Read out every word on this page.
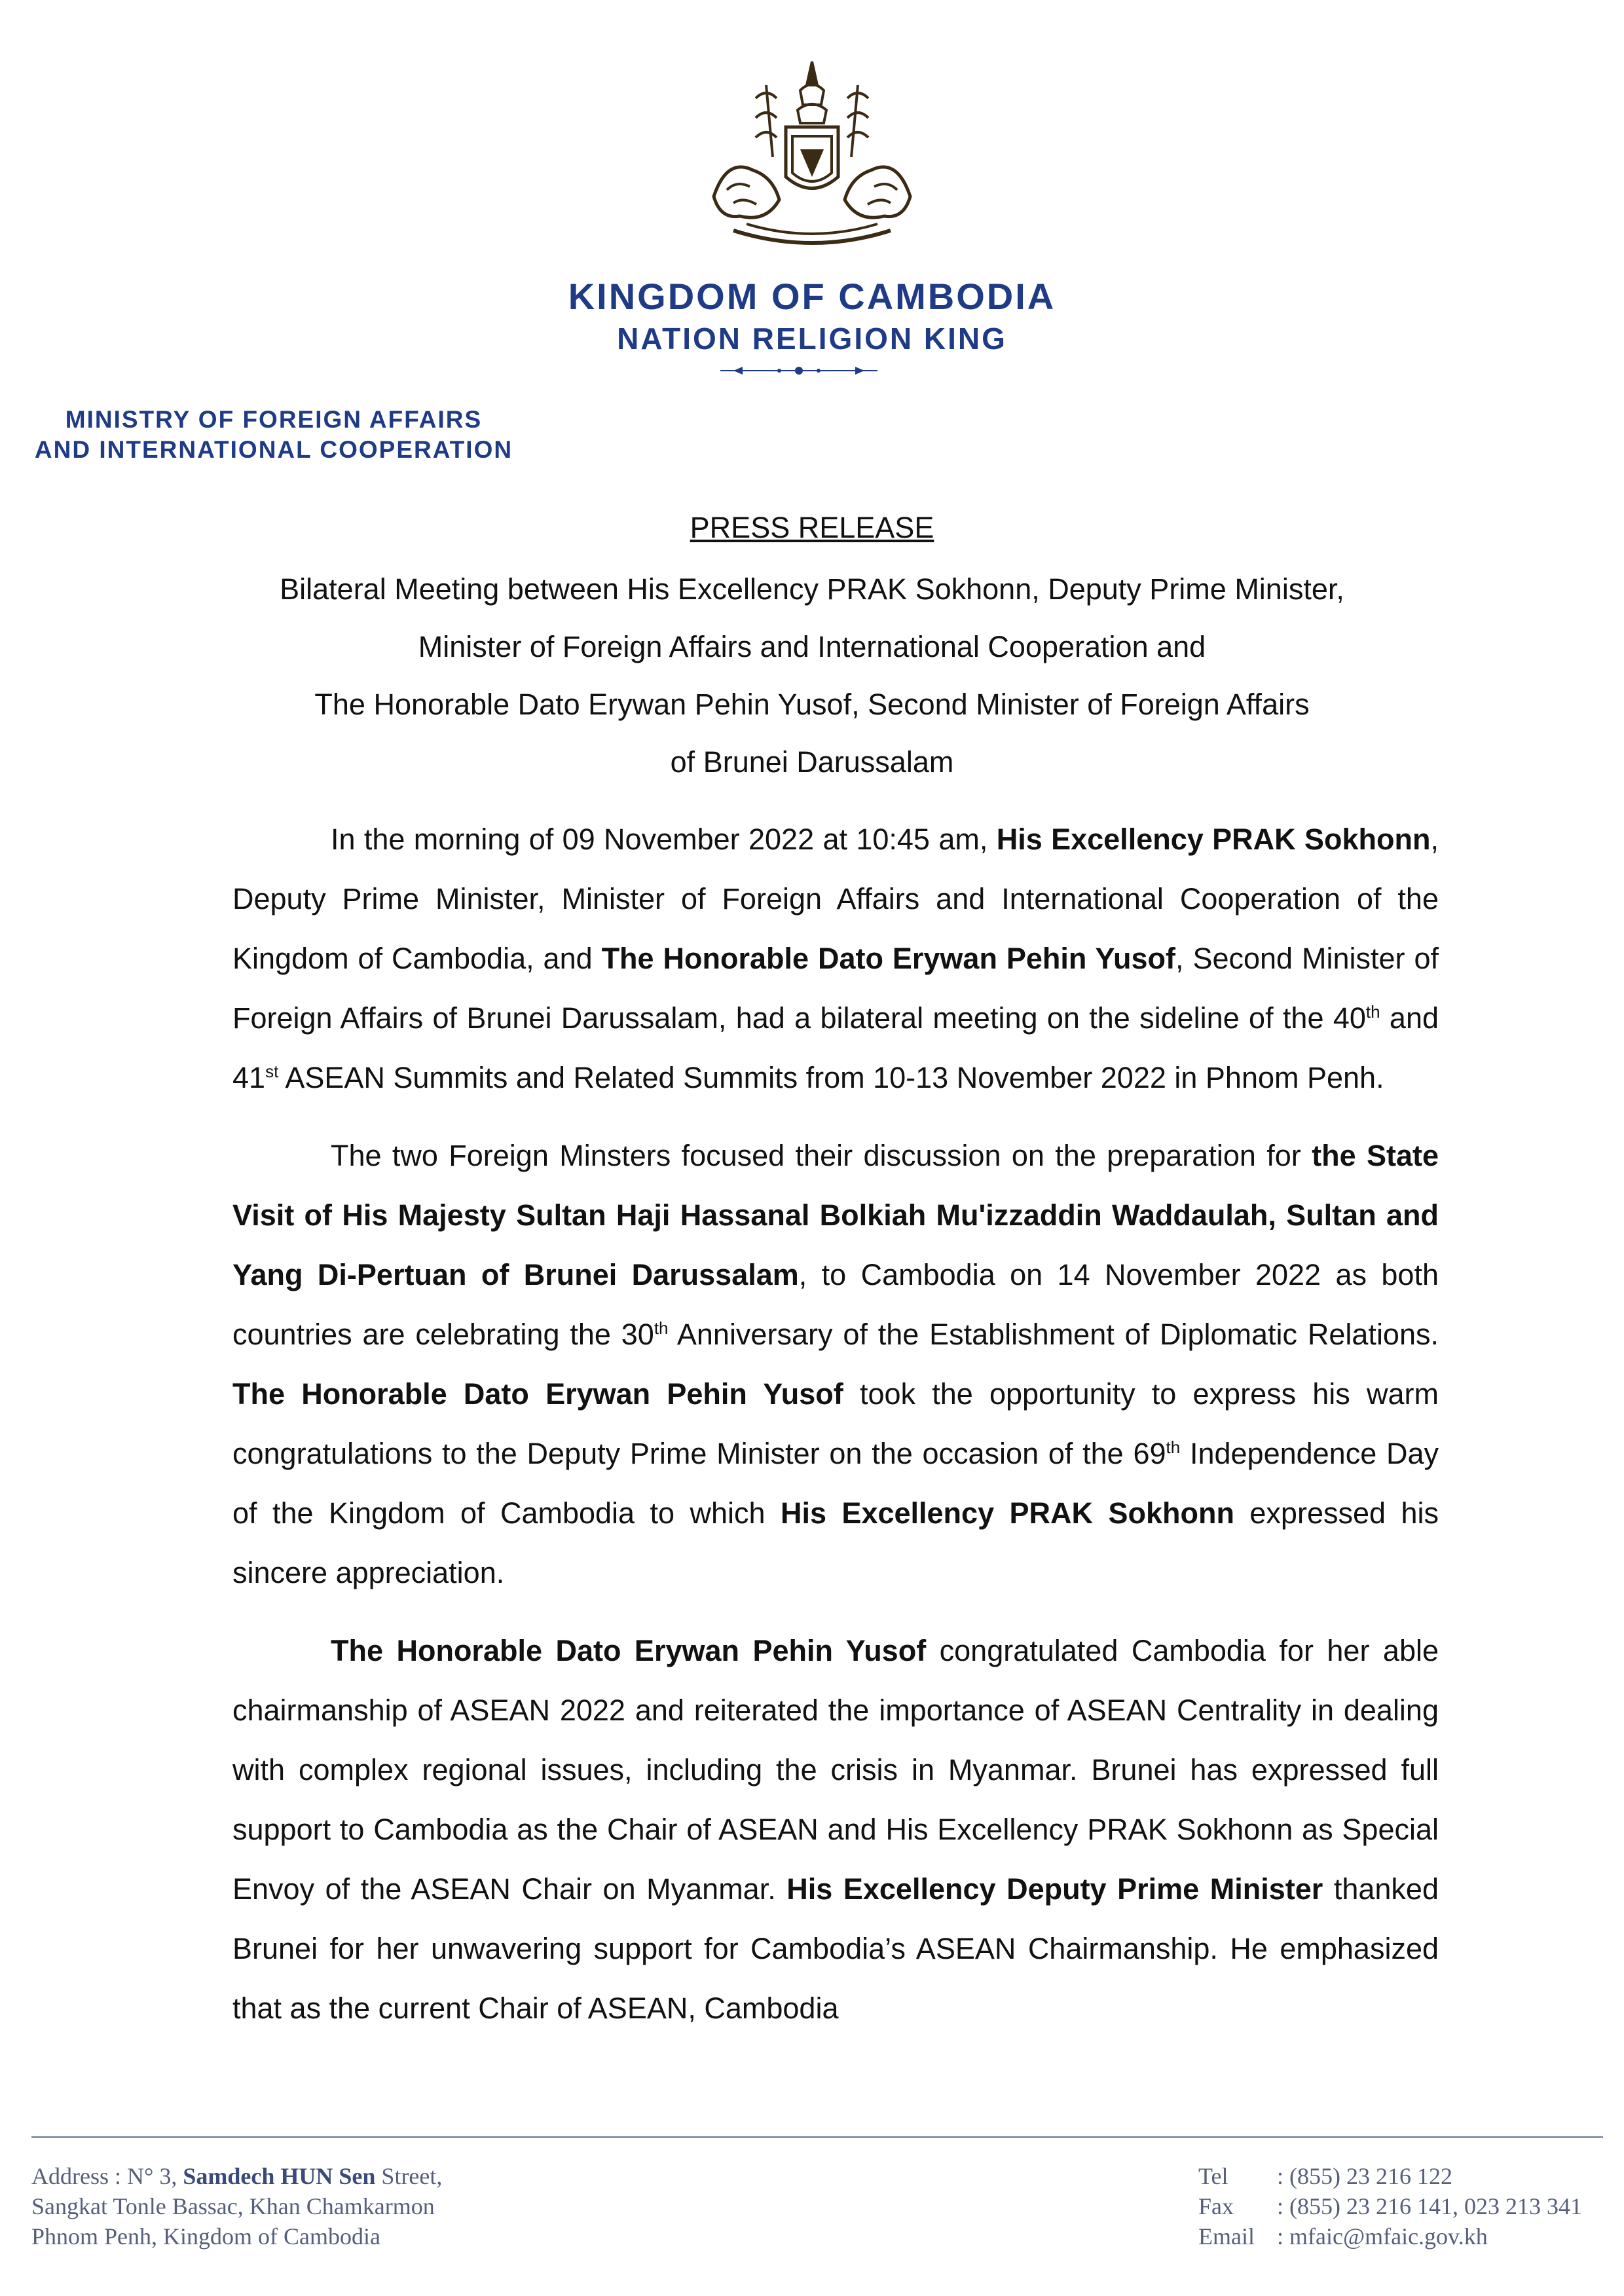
KINGDOM OF CAMBODIA
NATION RELIGION KING
MINISTRY OF FOREIGN AFFAIRS
AND INTERNATIONAL COOPERATION
PRESS RELEASE
Bilateral Meeting between His Excellency PRAK Sokhonn, Deputy Prime Minister,
Minister of Foreign Affairs and International Cooperation and
The Honorable Dato Erywan Pehin Yusof, Second Minister of Foreign Affairs
of Brunei Darussalam

In the morning of 09 November 2022 at 10:45 am, His Excellency PRAK Sokhonn, Deputy Prime Minister, Minister of Foreign Affairs and International Cooperation of the Kingdom of Cambodia, and The Honorable Dato Erywan Pehin Yusof, Second Minister of Foreign Affairs of Brunei Darussalam, had a bilateral meeting on the sideline of the 40th and 41st ASEAN Summits and Related Summits from 10-13 November 2022 in Phnom Penh.

The two Foreign Minsters focused their discussion on the preparation for the State Visit of His Majesty Sultan Haji Hassanal Bolkiah Mu'izzaddin Waddaulah, Sultan and Yang Di-Pertuan of Brunei Darussalam, to Cambodia on 14 November 2022 as both countries are celebrating the 30th Anniversary of the Establishment of Diplomatic Relations. The Honorable Dato Erywan Pehin Yusof took the opportunity to express his warm congratulations to the Deputy Prime Minister on the occasion of the 69th Independence Day of the Kingdom of Cambodia to which His Excellency PRAK Sokhonn expressed his sincere appreciation.

The Honorable Dato Erywan Pehin Yusof congratulated Cambodia for her able chairmanship of ASEAN 2022 and reiterated the importance of ASEAN Centrality in dealing with complex regional issues, including the crisis in Myanmar. Brunei has expressed full support to Cambodia as the Chair of ASEAN and His Excellency PRAK Sokhonn as Special Envoy of the ASEAN Chair on Myanmar. His Excellency Deputy Prime Minister thanked Brunei for her unwavering support for Cambodia’s ASEAN Chairmanship. He emphasized that as the current Chair of ASEAN, Cambodia

Address : N° 3, Samdech HUN Sen Street,
Sangkat Tonle Bassac, Khan Chamkarmon
Phnom Penh, Kingdom of Cambodia
Tel	: (855) 23 216 122
Fax	: (855) 23 216 141, 023 213 341
Email : mfaic@mfaic.gov.kh
